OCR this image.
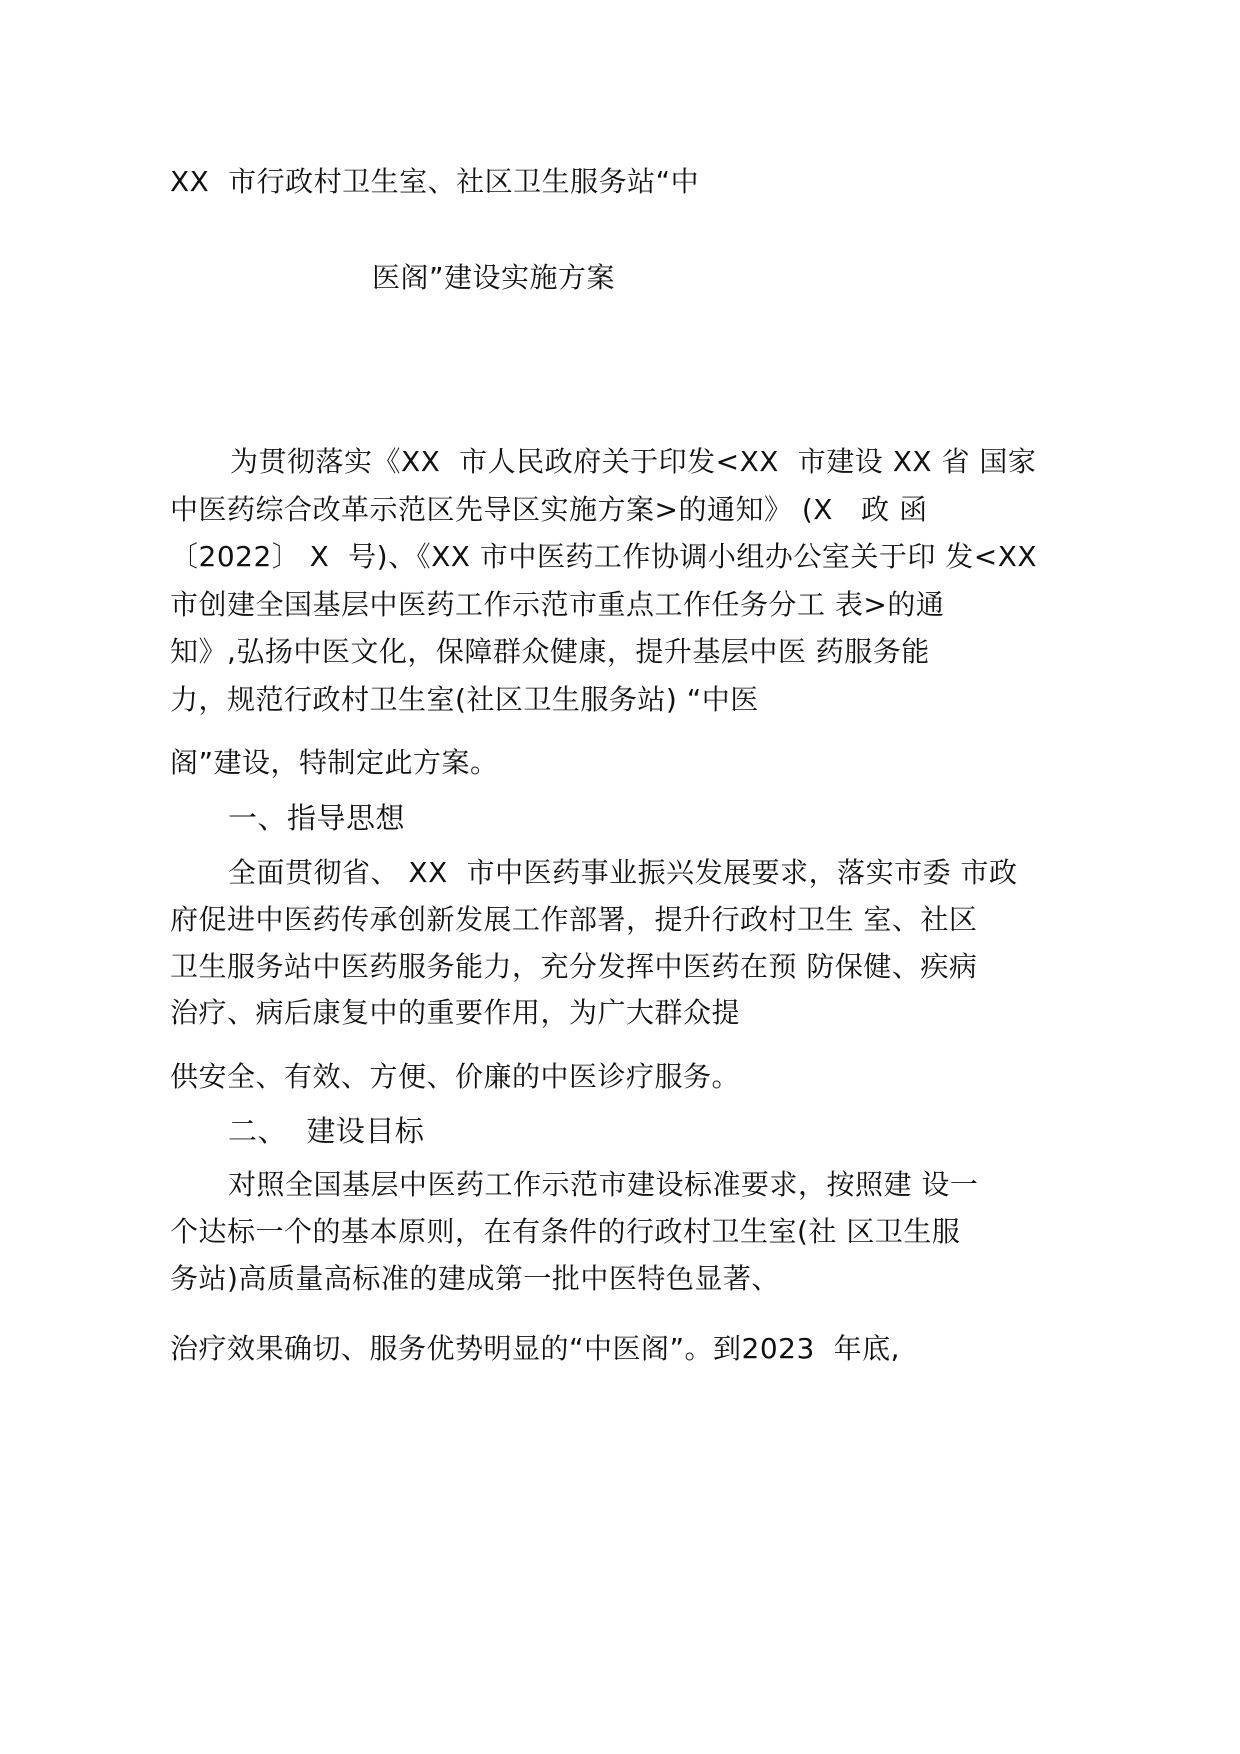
XX  市行政村卫生室、社区卫生服务站“中
医阁”建设实施方案
为贯彻落实《XX  市人民政府关于印发<XX  市建设 XX 省 国家
中医药综合改革示范区先导区实施方案>的通知》 (X   政 函
〔2022〕 X  号)、《XX 市中医药工作协调小组办公室关于印 发<XX
市创建全国基层中医药工作示范市重点工作任务分工 表>的通
知》,弘扬中医文化，保障群众健康，提升基层中医 药服务能
力，规范行政村卫生室(社区卫生服务站) “中医
阁”建设，特制定此方案。
一、指导思想
全面贯彻省、 XX  市中医药事业振兴发展要求，落实市委 市政
府促进中医药传承创新发展工作部署，提升行政村卫生 室、社区
卫生服务站中医药服务能力，充分发挥中医药在预 防保健、疾病
治疗、病后康复中的重要作用，为广大群众提
供安全、有效、方便、价廉的中医诊疗服务。
二、  建设目标
对照全国基层中医药工作示范市建设标准要求，按照建 设一
个达标一个的基本原则，在有条件的行政村卫生室(社 区卫生服
务站)高质量高标准的建成第一批中医特色显著、
治疗效果确切、服务优势明显的“中医阁”。到2023  年底,
